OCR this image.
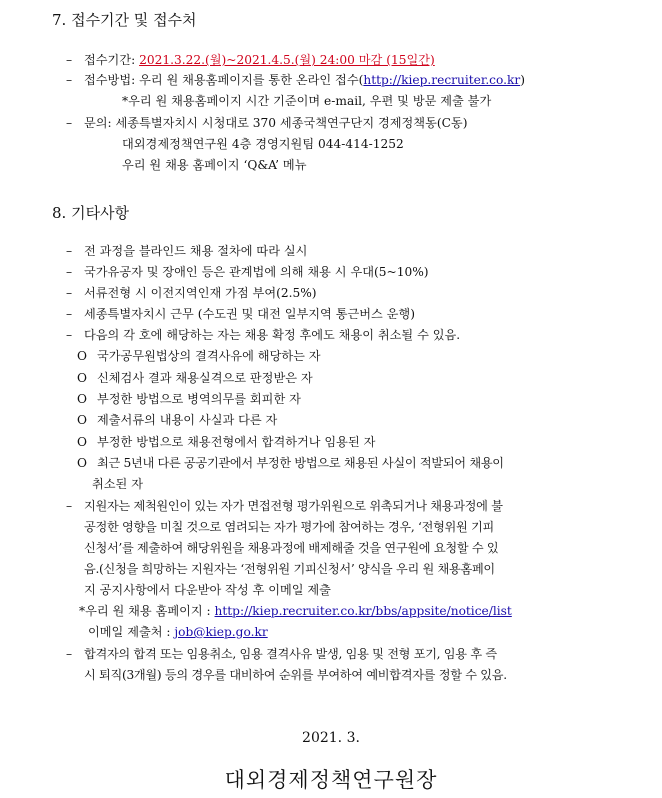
7. 접수기간 및 접수처
– 접수기간: 2021.3.22.(월)~2021.4.5.(월) 24:00 마감 (15일간)
– 접수방법: 우리 원 채용홈페이지를 통한 온라인 접수(http://kiep.recruiter.co.kr)
*우리 원 채용홈페이지 시간 기준이며 e-mail, 우편 및 방문 제출 불가
– 문의: 세종특별자치시 시청대로 370 세종국책연구단지 경제정책동(C동)
대외경제정책연구원 4층 경영지원팀 044-414-1252
우리 원 채용 홈페이지 ‘Q&A’ 메뉴
8. 기타사항
– 전 과정을 블라인드 채용 절차에 따라 실시
– 국가유공자 및 장애인 등은 관계법에 의해 채용 시 우대(5~10%)
– 서류전형 시 이전지역인재 가점 부여(2.5%)
– 세종특별자치시 근무 (수도권 및 대전 일부지역 통근버스 운행)
– 다음의 각 호에 해당하는 자는 채용 확정 후에도 채용이 취소될 수 있음.
O 국가공무원법상의 결격사유에 해당하는 자
O 신체검사 결과 채용실격으로 판정받은 자
O 부정한 방법으로 병역의무를 회피한 자
O 제출서류의 내용이 사실과 다른 자
O 부정한 방법으로 채용전형에서 합격하거나 임용된 자
O 최근 5년내 다른 공공기관에서 부정한 방법으로 채용된 사실이 적발되어 채용이
취소된 자
– 지원자는 제척원인이 있는 자가 면접전형 평가위원으로 위촉되거나 채용과정에 불
공정한 영향을 미칠 것으로 염려되는 자가 평가에 참여하는 경우, ‘전형위원 기피
신청서’를 제출하여 해당위원을 채용과정에 배제해줄 것을 연구원에 요청할 수 있
음.(신청을 희망하는 지원자는 ‘전형위원 기피신청서’ 양식을 우리 원 채용홈페이
지 공지사항에서 다운받아 작성 후 이메일 제출
*우리 원 채용 홈페이지 : http://kiep.recruiter.co.kr/bbs/appsite/notice/list
이메일 제출처 : job@kiep.go.kr
– 합격자의 합격 또는 임용취소, 임용 결격사유 발생, 임용 및 전형 포기, 임용 후 즉
시 퇴직(3개월) 등의 경우를 대비하여 순위를 부여하여 예비합격자를 정할 수 있음.
2021. 3.
대외경제정책연구원장
